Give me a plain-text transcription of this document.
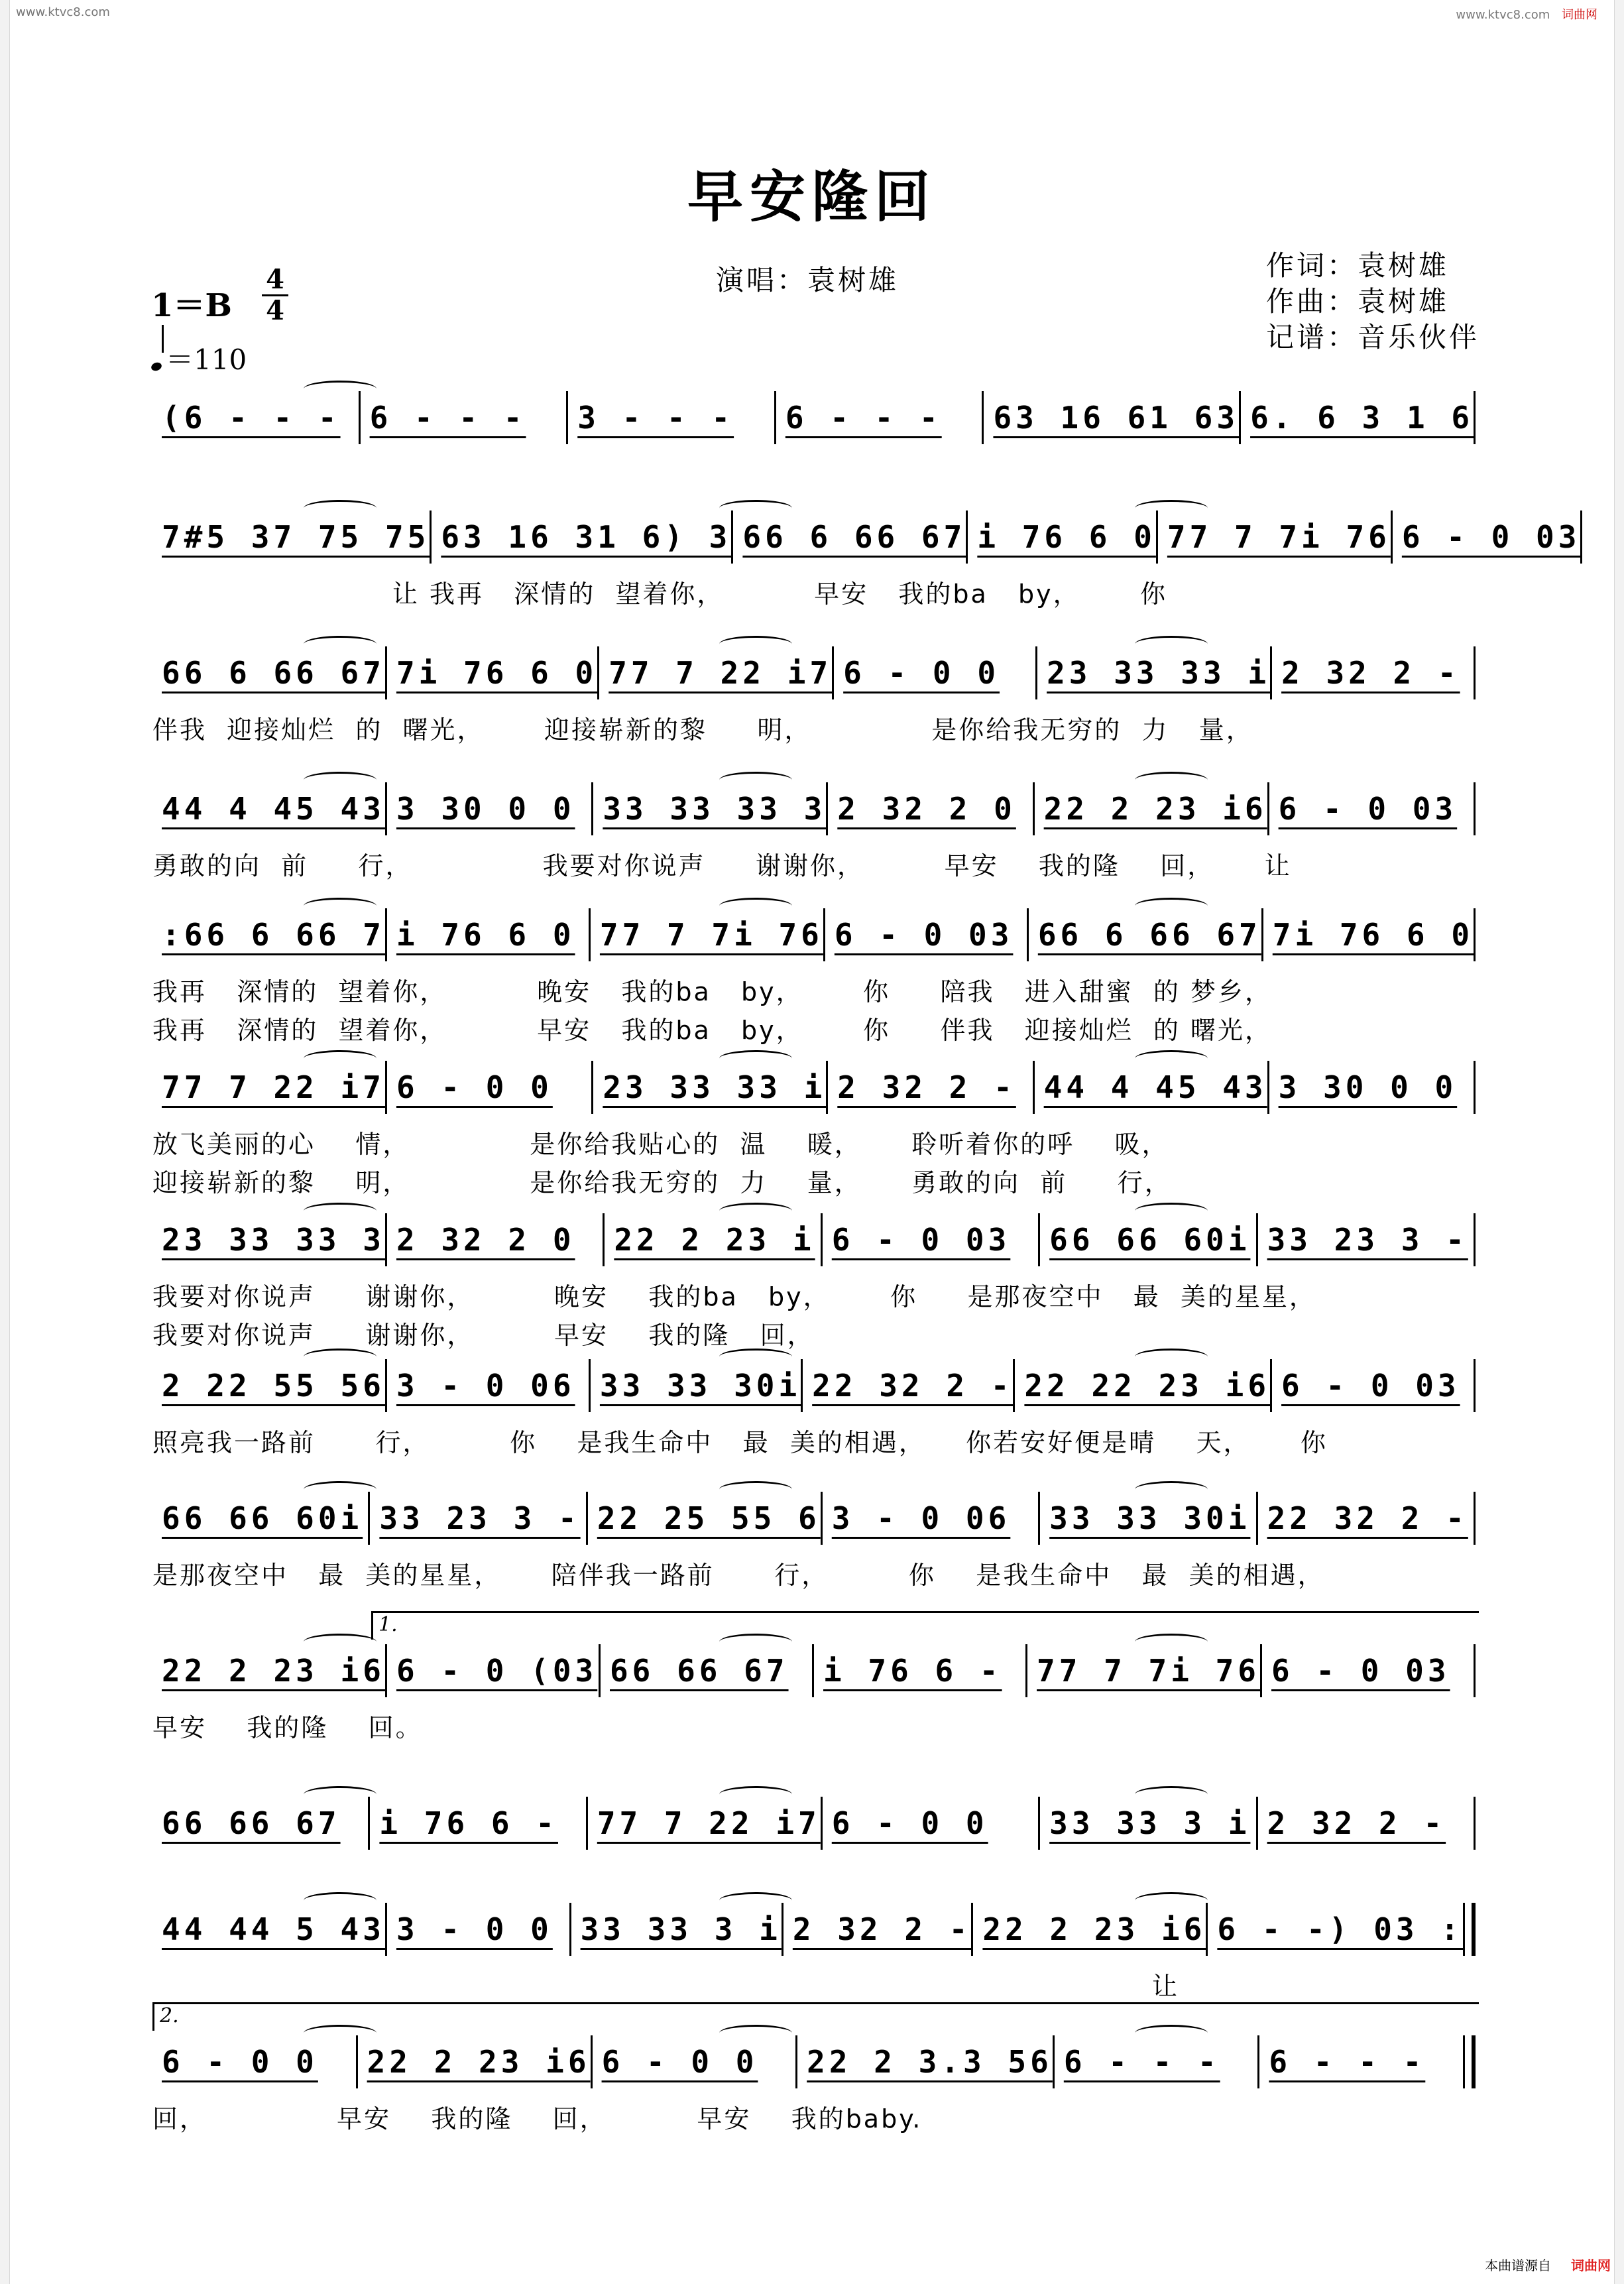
www.ktvc8.com	www.ktvc8.com 词曲网
早安隆回
演唱：袁树雄	作词：袁树雄
作曲：袁树雄
记谱：音乐伙伴
1＝B
4
4
＝110
(6 - - - 6 - - -	3 - - -	6 - - -	63 16 61 63 6. 6 3 1 6
7#5 37 75 75 63 16 31 6) 3 66 6 66 67 i 76 6 0 77 7 7i 76 6 - 0 03
让 我再   深情的  望着你，         早安   我的ba   by，      你
66 6 66 67 7i 76 6 0 77 7 22 i7 6 - 0 0	23 33 33 i 2 32 2 -
伴我  迎接灿烂  的  曙光，      迎接崭新的黎     明，            是你给我无穷的  力   量，
44 4 45 43 3 30 0 0 33 33 33 3 2 32 2 0 22 2 23 i6 6 - 0 03
勇敢的向  前     行，             我要对你说声     谢谢你，        早安    我的隆    回，     让
:66 6 66 7 i 76 6 0 77 7 7i 76 6 - 0 03 66 6 66 67 7i 76 6 0
我再   深情的  望着你，         晚安   我的ba   by，      你     陪我   进入甜蜜  的 梦乡，
我再   深情的  望着你，         早安   我的ba   by，      你     伴我   迎接灿烂  的 曙光，
77 7 22 i7 6 - 0 0	23 33 33 i 2 32 2 - 44 4 45 43 3 30 0 0
放飞美丽的心    情，            是你给我贴心的  温    暖，     聆听着你的呼    吸，
迎接崭新的黎    明，            是你给我无穷的  力    量，     勇敢的向  前     行，
23 33 33 3 2 32 2 0	22 2 23 i 6 - 0 03	66 66 60i 33 23 3 -
我要对你说声     谢谢你，        晚安    我的ba   by，      你     是那夜空中   最  美的星星，
我要对你说声     谢谢你，        早安    我的隆   回，
2 22 55 56 3 - 0 06 33 33 30i 22 32 2 - 22 22 23 i6 6 - 0 03
照亮我一路前      行，        你    是我生命中   最  美的相遇，    你若安好便是晴    天，     你
66 66 60i 33 23 3 - 22 25 55 6 3 - 0 06	33 33 30i 22 32 2 -
是那夜空中   最  美的星星，     陪伴我一路前      行，        你    是我生命中   最  美的相遇，
1.
22 2 23 i6 6 - 0 (03 66 66 67	i 76 6 -	77 7 7i 76 6 - 0 03
早安    我的隆    回。
66 66 67	i 76 6 -	77 7 22 i7 6 - 0 0	33 33 3 i 2 32 2 -
44 44 5 43 3 - 0 0 33 33 3 i 2 32 2 - 22 2 23 i6 6 - -) 03 :
让
2.
6 - 0 0	22 2 23 i6 6 - 0 0	22 2 3.3 56 6 - - -	6 - - -
回，             早安    我的隆    回，         早安    我的baby.
本曲谱源自 词曲网
